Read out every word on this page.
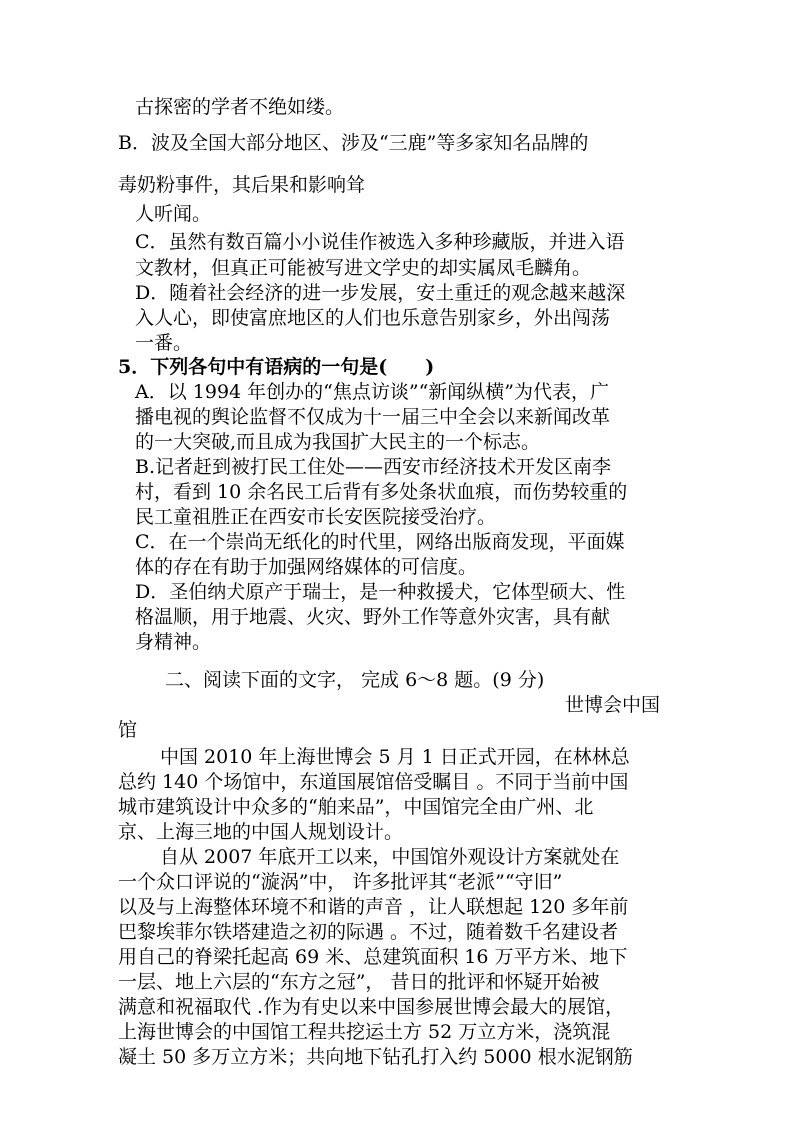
古探密的学者不绝如缕。
B．波及全国大部分地区、涉及“三鹿”等多家知名品牌的
毒奶粉事件，其后果和影响耸
人听闻。
C．虽然有数百篇小小说佳作被选入多种珍藏版，并进入语
文教材，但真正可能被写进文学史的却实属凤毛麟角。
D．随着社会经济的进一步发展，安土重迁的观念越来越深
入人心，即使富庶地区的人们也乐意告别家乡，外出闯荡
一番。
5．下列各句中有语病的一句是(　　)
A．以 1994 年创办的“焦点访谈”“新闻纵横”为代表，广
播电视的舆论监督不仅成为十一届三中全会以来新闻改革
的一大突破,而且成为我国扩大民主的一个标志。
B.记者赶到被打民工住处——西安市经济技术开发区南李
村，看到 10 余名民工后背有多处条状血痕，而伤势较重的
民工童祖胜正在西安市长安医院接受治疗。
C．在一个崇尚无纸化的时代里，网络出版商发现，平面媒
体的存在有助于加强网络媒体的可信度。
D．圣伯纳犬原产于瑞士，是一种救援犬，它体型硕大、性
格温顺，用于地震、火灾、野外工作等意外灾害，具有献
身精神。
二、阅读下面的文字， 完成 6～8 题。(9 分)
世博会中国
馆
中国 2010 年上海世博会 5 月 1 日正式开园，在林林总
总约 140 个场馆中，东道国展馆倍受瞩目 。不同于当前中国
城市建筑设计中众多的“舶来品”，中国馆完全由广州、北
京、上海三地的中国人规划设计。
自从 2007 年底开工以来，中国馆外观设计方案就处在
一个众口评说的“漩涡”中， 许多批评其“老派”“守旧”
以及与上海整体环境不和谐的声音 ，让人联想起 120 多年前
巴黎埃菲尔铁塔建造之初的际遇 。不过，随着数千名建设者
用自己的脊梁托起高 69 米、总建筑面积 16 万平方米、地下
一层、地上六层的“东方之冠”， 昔日的批评和怀疑开始被
满意和祝福取代 .作为有史以来中国参展世博会最大的展馆，
上海世博会的中国馆工程共挖运土方 52 万立方米，浇筑混
凝土 50 多万立方米；共向地下钻孔打入约 5000 根水泥钢筋
